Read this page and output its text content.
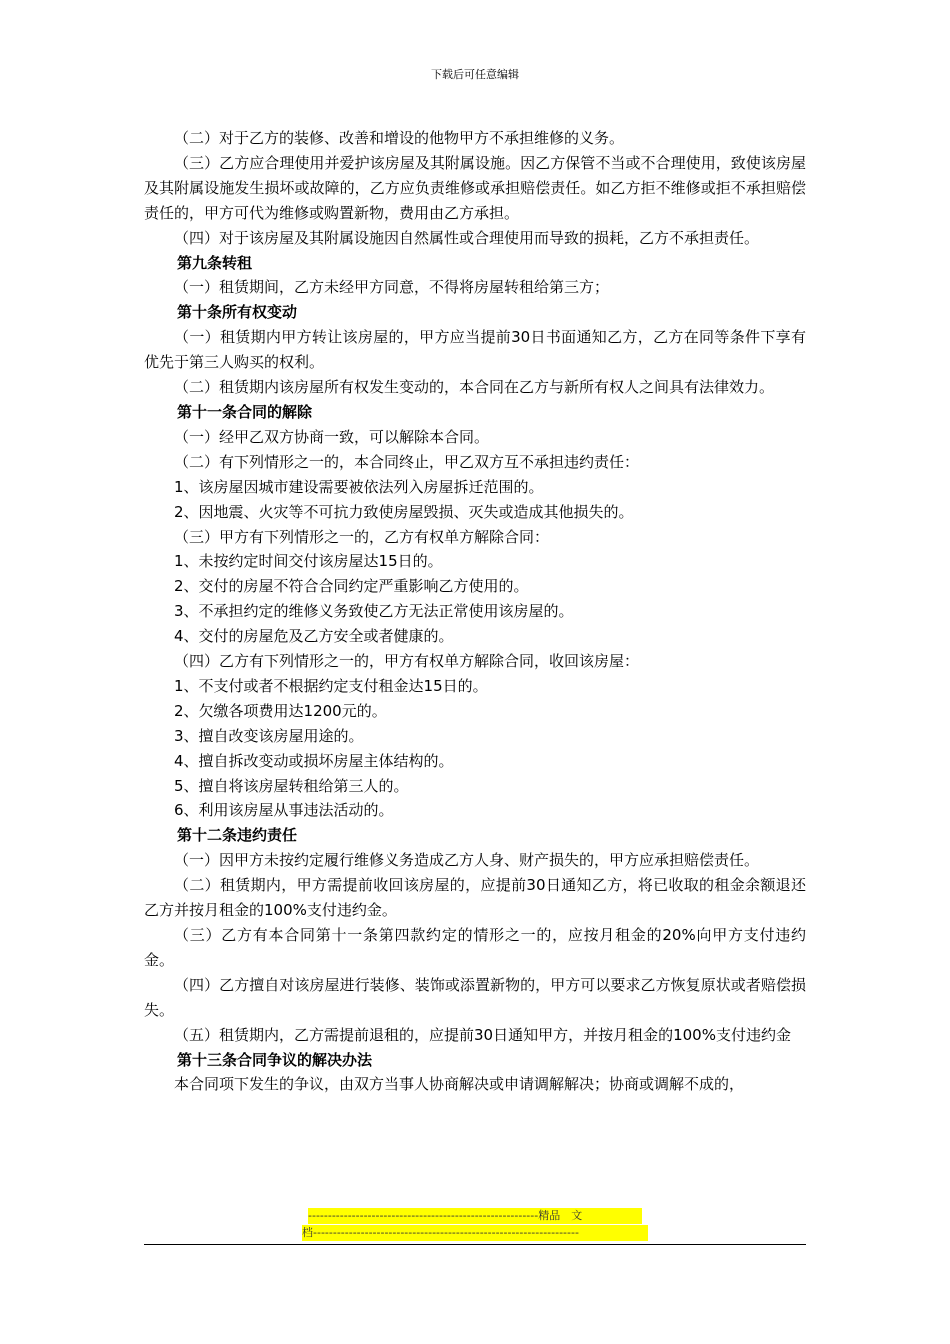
下载后可任意编辑

（二）对于乙方的装修、改善和增设的他物甲方不承担维修的义务。

（三）乙方应合理使用并爱护该房屋及其附属设施。因乙方保管不当或不合理使用，致使该房屋及其附属设施发生损坏或故障的，乙方应负责维修或承担赔偿责任。如乙方拒不维修或拒不承担赔偿责任的，甲方可代为维修或购置新物，费用由乙方承担。

（四）对于该房屋及其附属设施因自然属性或合理使用而导致的损耗，乙方不承担责任。

第九条转租

（一）租赁期间，乙方未经甲方同意，不得将房屋转租给第三方；

第十条所有权变动

（一）租赁期内甲方转让该房屋的，甲方应当提前30日书面通知乙方，乙方在同等条件下享有优先于第三人购买的权利。

（二）租赁期内该房屋所有权发生变动的，本合同在乙方与新所有权人之间具有法律效力。

第十一条合同的解除

（一）经甲乙双方协商一致，可以解除本合同。

（二）有下列情形之一的，本合同终止，甲乙双方互不承担违约责任：

1、该房屋因城市建设需要被依法列入房屋拆迁范围的。

2、因地震、火灾等不可抗力致使房屋毁损、灭失或造成其他损失的。

（三）甲方有下列情形之一的，乙方有权单方解除合同：

1、未按约定时间交付该房屋达15日的。

2、交付的房屋不符合合同约定严重影响乙方使用的。

3、不承担约定的维修义务致使乙方无法正常使用该房屋的。

4、交付的房屋危及乙方安全或者健康的。

（四）乙方有下列情形之一的，甲方有权单方解除合同，收回该房屋：

1、不支付或者不根据约定支付租金达15日的。

2、欠缴各项费用达1200元的。

3、擅自改变该房屋用途的。

4、擅自拆改变动或损坏房屋主体结构的。

5、擅自将该房屋转租给第三人的。

6、利用该房屋从事违法活动的。

第十二条违约责任

（一）因甲方未按约定履行维修义务造成乙方人身、财产损失的，甲方应承担赔偿责任。

（二）租赁期内，甲方需提前收回该房屋的，应提前30日通知乙方，将已收取的租金余额退还乙方并按月租金的100%支付违约金。

（三）乙方有本合同第十一条第四款约定的情形之一的，应按月租金的20%向甲方支付违约金。

（四）乙方擅自对该房屋进行装修、装饰或添置新物的，甲方可以要求乙方恢复原状或者赔偿损失。

（五）租赁期内，乙方需提前退租的，应提前30日通知甲方，并按月租金的100%支付违约金

第十三条合同争议的解决办法

本合同项下发生的争议，由双方当事人协商解决或申请调解解决；协商或调解不成的，

----------------------------------------------------------精品　文
档-------------------------------------------------------------------
